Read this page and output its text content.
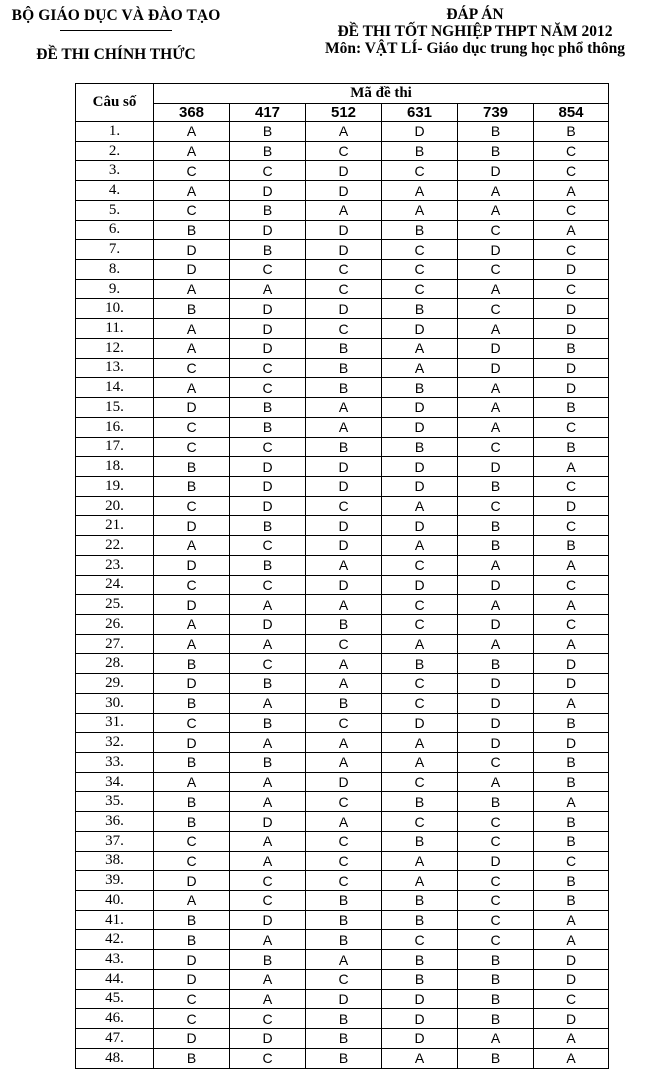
BỘ GIÁO DỤC VÀ ĐÀO TẠO
ĐỀ THI CHÍNH THỨC
ĐÁP ÁN
ĐỀ THI TỐT NGHIỆP THPT NĂM 2012
Môn: VẬT LÍ- Giáo dục trung học phổ thông
Câu số	Mã đề thi					
	368	417	512	631	739	854
1.	A	B	A	D	B	B
2.	A	B	C	B	B	C
3.	C	C	D	C	D	C
4.	A	D	D	A	A	A
5.	C	B	A	A	A	C
6.	B	D	D	B	C	A
7.	D	B	D	C	D	C
8.	D	C	C	C	C	D
9.	A	A	C	C	A	C
10.	B	D	D	B	C	D
11.	A	D	C	D	A	D
12.	A	D	B	A	D	B
13.	C	C	B	A	D	D
14.	A	C	B	B	A	D
15.	D	B	A	D	A	B
16.	C	B	A	D	A	C
17.	C	C	B	B	C	B
18.	B	D	D	D	D	A
19.	B	D	D	D	B	C
20.	C	D	C	A	C	D
21.	D	B	D	D	B	C
22.	A	C	D	A	B	B
23.	D	B	A	C	A	A
24.	C	C	D	D	D	C
25.	D	A	A	C	A	A
26.	A	D	B	C	D	C
27.	A	A	C	A	A	A
28.	B	C	A	B	B	D
29.	D	B	A	C	D	D
30.	B	A	B	C	D	A
31.	C	B	C	D	D	B
32.	D	A	A	A	D	D
33.	B	B	A	A	C	B
34.	A	A	D	C	A	B
35.	B	A	C	B	B	A
36.	B	D	A	C	C	B
37.	C	A	C	B	C	B
38.	C	A	C	A	D	C
39.	D	C	C	A	C	B
40.	A	C	B	B	C	B
41.	B	D	B	B	C	A
42.	B	A	B	C	C	A
43.	D	B	A	B	B	D
44.	D	A	C	B	B	D
45.	C	A	D	D	B	C
46.	C	C	B	D	B	D
47.	D	D	B	D	A	A
48.	B	C	B	A	B	A
